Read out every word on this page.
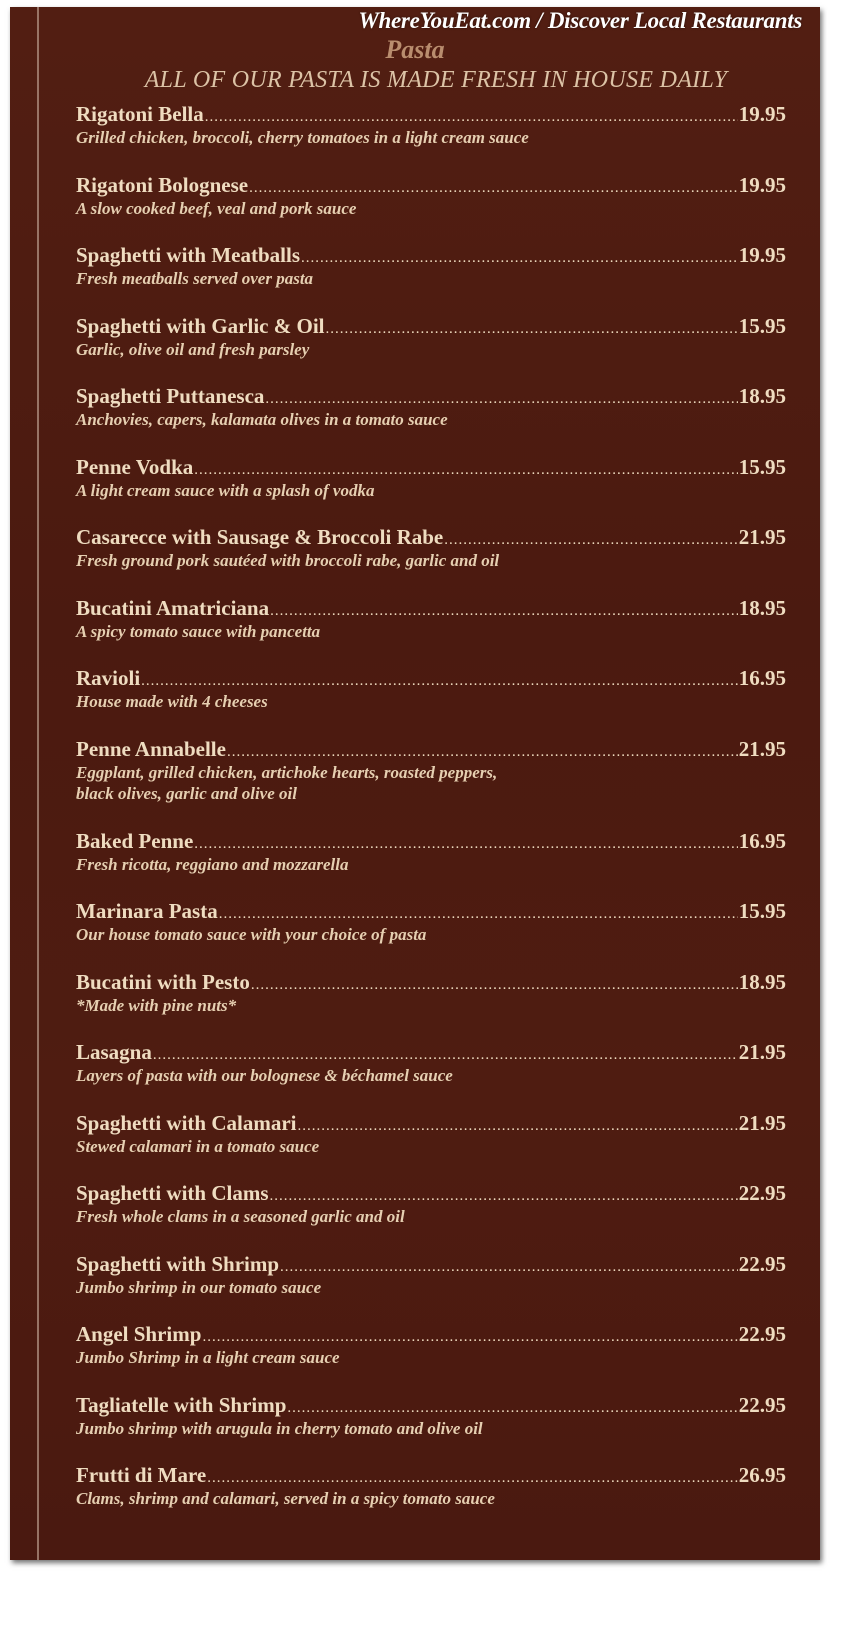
WhereYouEat.com / Discover Local Restaurants
Pasta
ALL OF OUR PASTA IS MADE FRESH IN HOUSE DAILY
Rigatoni Bella .....	19.95
Grilled chicken, broccoli, cherry tomatoes in a light cream sauce
Rigatoni Bolognese .....	19.95
A slow cooked beef, veal and pork sauce
Spaghetti with Meatballs .....	19.95
Fresh meatballs served over pasta
Spaghetti with Garlic & Oil .....	15.95
Garlic, olive oil and fresh parsley
Spaghetti Puttanesca .....	18.95
Anchovies, capers, kalamata olives in a tomato sauce
Penne Vodka .....	15.95
A light cream sauce with a splash of vodka
Casarecce with Sausage & Broccoli Rabe .....	21.95
Fresh ground pork sautéed with broccoli rabe, garlic and oil
Bucatini Amatriciana .....	18.95
A spicy tomato sauce with pancetta
Ravioli .....	16.95
House made with 4 cheeses
Penne Annabelle .....	21.95
Eggplant, grilled chicken, artichoke hearts, roasted peppers,
black olives, garlic and olive oil
Baked Penne .....	16.95
Fresh ricotta, reggiano and mozzarella
Marinara Pasta .....	15.95
Our house tomato sauce with your choice of pasta
Bucatini with Pesto .....	18.95
*Made with pine nuts*
Lasagna .....	21.95
Layers of pasta with our bolognese & béchamel sauce
Spaghetti with Calamari .....	21.95
Stewed calamari in a tomato sauce
Spaghetti with Clams .....	22.95
Fresh whole clams in a seasoned garlic and oil
Spaghetti with Shrimp .....	22.95
Jumbo shrimp in our tomato sauce
Angel Shrimp .....	22.95
Jumbo Shrimp in a light cream sauce
Tagliatelle with Shrimp .....	22.95
Jumbo shrimp with arugula in cherry tomato and olive oil
Frutti di Mare .....	26.95
Clams, shrimp and calamari, served in a spicy tomato sauce
